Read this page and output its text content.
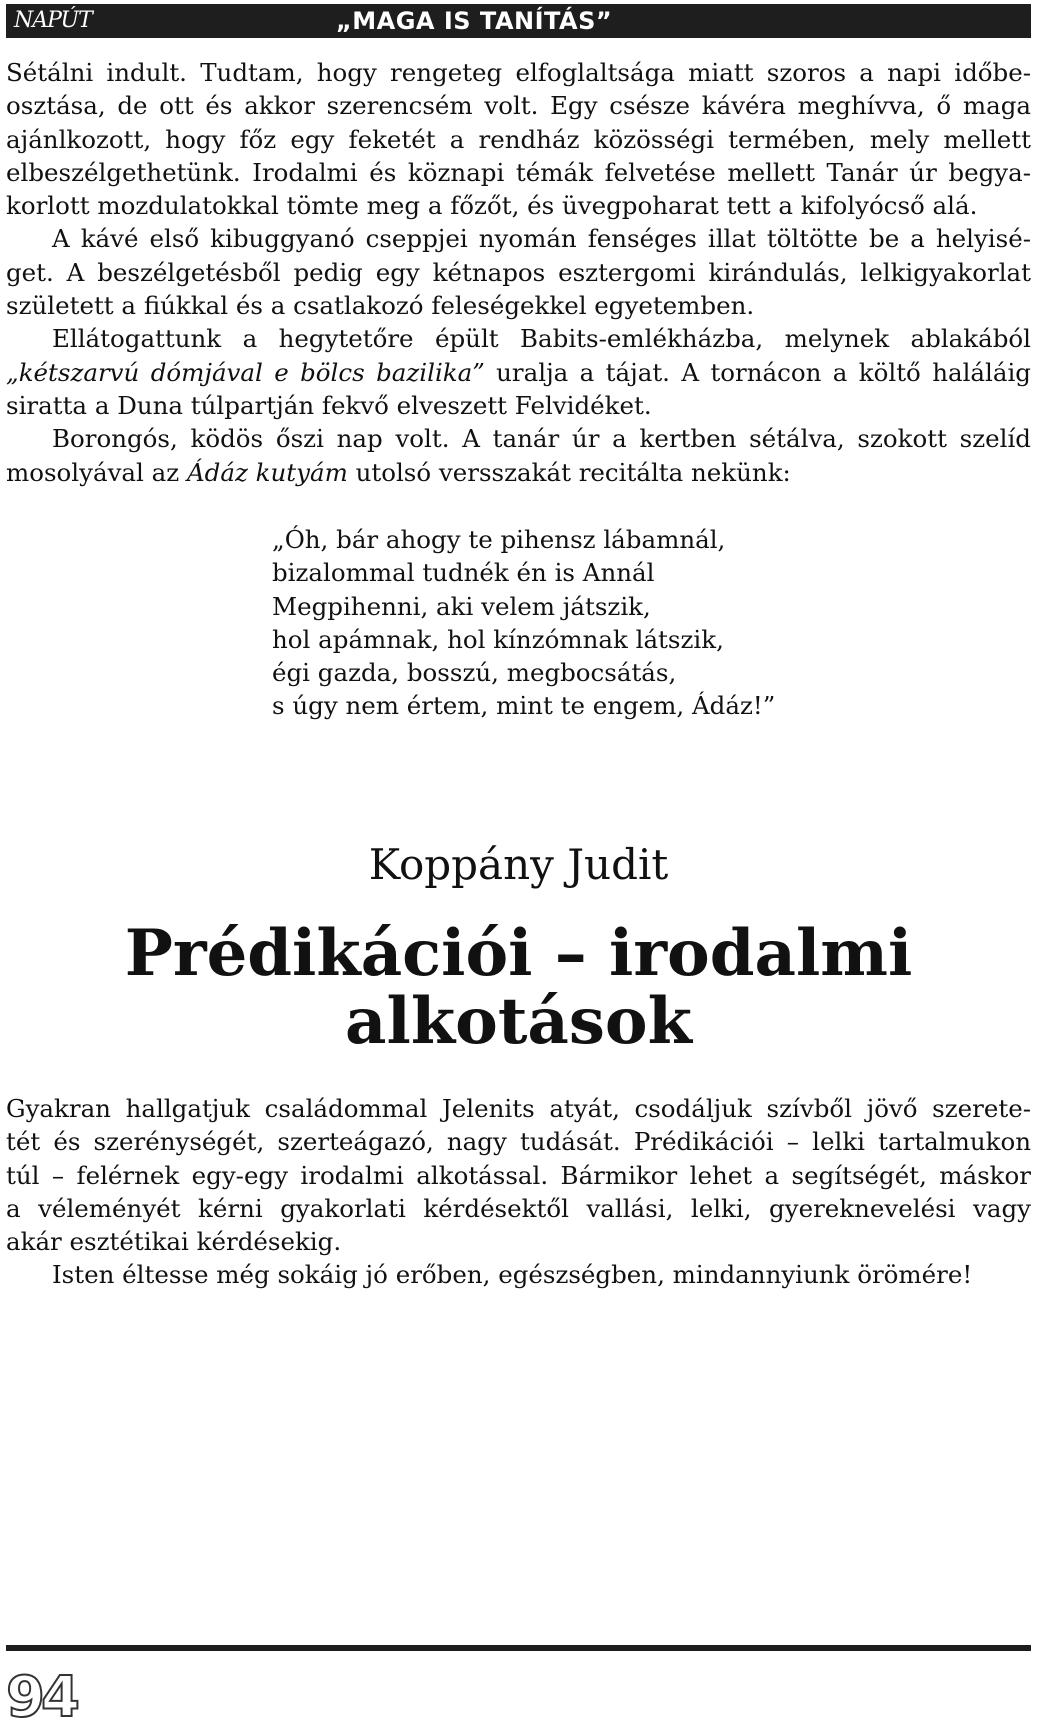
NAPÚT	„MAGA IS TANÍTÁS”
Sétálni indult. Tudtam, hogy rengeteg elfoglaltsága miatt szoros a napi időbe-
osztása, de ott és akkor szerencsém volt. Egy csésze kávéra meghívva, ő maga
ajánlkozott, hogy főz egy feketét a rendház közösségi termében, mely mellett
elbeszélgethetünk. Irodalmi és köznapi témák felvetése mellett Tanár úr begya-
korlott mozdulatokkal tömte meg a főzőt, és üvegpoharat tett a kifolyócső alá.
A kávé első kibuggyanó cseppjei nyomán fenséges illat töltötte be a helyisé-
get. A beszélgetésből pedig egy kétnapos esztergomi kirándulás, lelkigyakorlat
született a fiúkkal és a csatlakozó feleségekkel egyetemben.
Ellátogattunk a hegytetőre épült Babits-emlékházba, melynek ablakából
„kétszarvú dómjával e bölcs bazilika” uralja a tájat. A tornácon a költő haláláig
siratta a Duna túlpartján fekvő elveszett Felvidéket.
Borongós, ködös őszi nap volt. A tanár úr a kertben sétálva, szokott szelíd
mosolyával az Ádáz kutyám utolsó versszakát recitálta nekünk:
„Óh, bár ahogy te pihensz lábamnál,
bizalommal tudnék én is Annál
Megpihenni, aki velem játszik,
hol apámnak, hol kínzómnak látszik,
égi gazda, bosszú, megbocsátás,
s úgy nem értem, mint te engem, Ádáz!”
Koppány Judit
Prédikációi – irodalmi
alkotások
Gyakran hallgatjuk családommal Jelenits atyát, csodáljuk szívből jövő szerete-
tét és szerénységét, szerteágazó, nagy tudását. Prédikációi – lelki tartalmukon
túl – felérnek egy-egy irodalmi alkotással. Bármikor lehet a segítségét, máskor
a véleményét kérni gyakorlati kérdésektől vallási, lelki, gyereknevelési vagy
akár esztétikai kérdésekig.
Isten éltesse még sokáig jó erőben, egészségben, mindannyiunk örömére!
94
